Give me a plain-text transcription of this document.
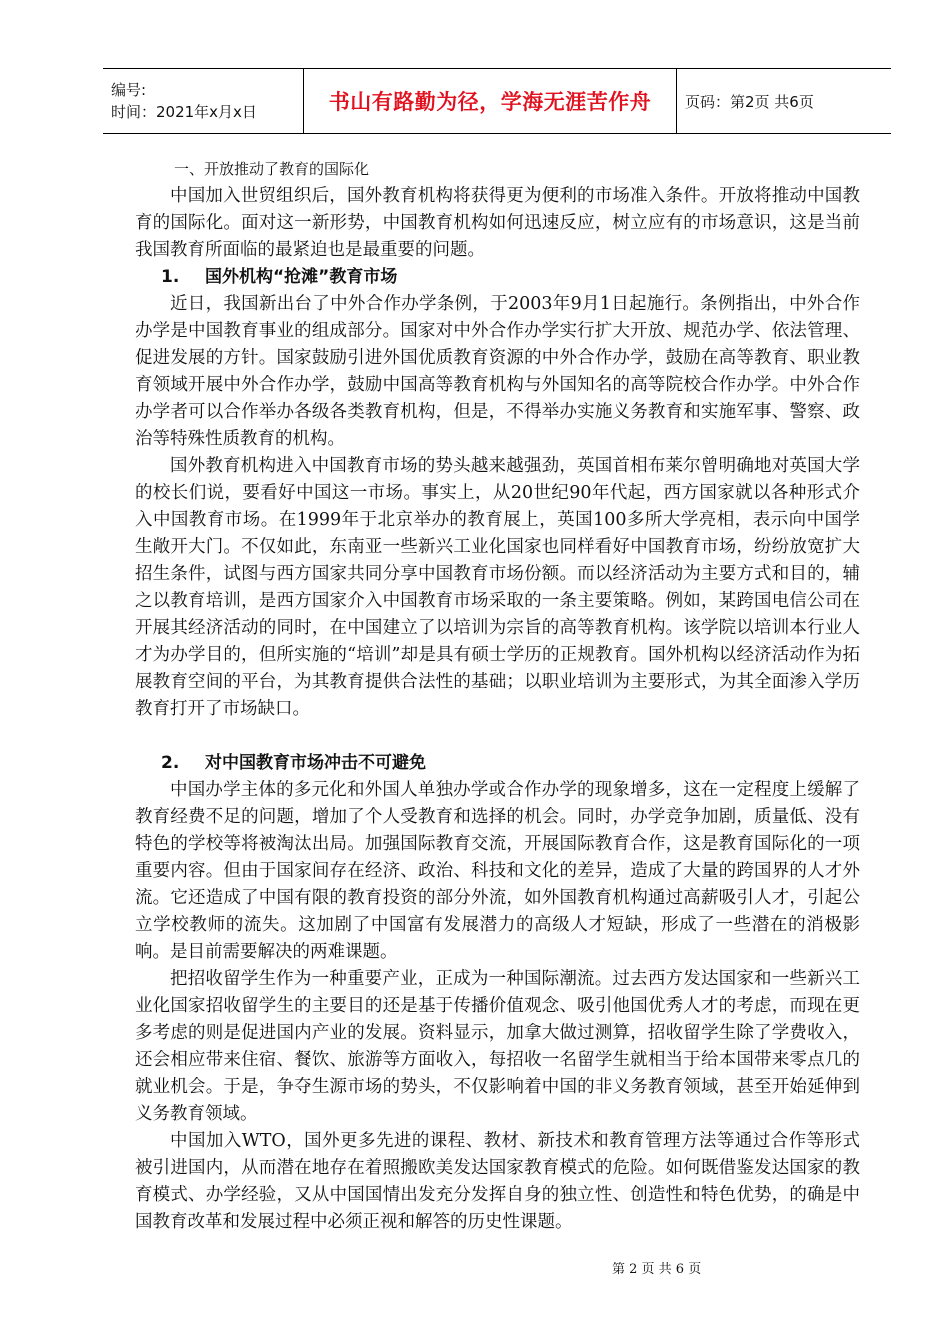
编号:
时间：2021年x月x日	书山有路勤为径，学海无涯苦作舟 页码：第2页 共6页

一、开放推动了教育的国际化

中国加入世贸组织后，国外教育机构将获得更为便利的市场准入条件。开放将推动中国教育的国际化。面对这一新形势，中国教育机构如何迅速反应，树立应有的市场意识，这是当前我国教育所面临的最紧迫也是最重要的问题。

1. 国外机构“抢滩”教育市场

近日，我国新出台了中外合作办学条例，于2003年9月1日起施行。条例指出，中外合作办学是中国教育事业的组成部分。国家对中外合作办学实行扩大开放、规范办学、依法管理、促进发展的方针。国家鼓励引进外国优质教育资源的中外合作办学，鼓励在高等教育、职业教育领域开展中外合作办学，鼓励中国高等教育机构与外国知名的高等院校合作办学。中外合作办学者可以合作举办各级各类教育机构，但是，不得举办实施义务教育和实施军事、警察、政治等特殊性质教育的机构。

国外教育机构进入中国教育市场的势头越来越强劲，英国首相布莱尔曾明确地对英国大学的校长们说，要看好中国这一市场。事实上，从20世纪90年代起，西方国家就以各种形式介入中国教育市场。在1999年于北京举办的教育展上，英国100多所大学亮相，表示向中国学生敞开大门。不仅如此，东南亚一些新兴工业化国家也同样看好中国教育市场，纷纷放宽扩大招生条件，试图与西方国家共同分享中国教育市场份额。而以经济活动为主要方式和目的，辅之以教育培训，是西方国家介入中国教育市场采取的一条主要策略。例如，某跨国电信公司在开展其经济活动的同时，在中国建立了以培训为宗旨的高等教育机构。该学院以培训本行业人才为办学目的，但所实施的“培训”却是具有硕士学历的正规教育。国外机构以经济活动作为拓展教育空间的平台，为其教育提供合法性的基础；以职业培训为主要形式，为其全面渗入学历教育打开了市场缺口。

2. 对中国教育市场冲击不可避免

中国办学主体的多元化和外国人单独办学或合作办学的现象增多，这在一定程度上缓解了教育经费不足的问题，增加了个人受教育和选择的机会。同时，办学竞争加剧，质量低、没有特色的学校等将被淘汰出局。加强国际教育交流，开展国际教育合作，这是教育国际化的一项重要内容。但由于国家间存在经济、政治、科技和文化的差异，造成了大量的跨国界的人才外流。它还造成了中国有限的教育投资的部分外流，如外国教育机构通过高薪吸引人才，引起公立学校教师的流失。这加剧了中国富有发展潜力的高级人才短缺，形成了一些潜在的消极影响。是目前需要解决的两难课题。

把招收留学生作为一种重要产业，正成为一种国际潮流。过去西方发达国家和一些新兴工业化国家招收留学生的主要目的还是基于传播价值观念、吸引他国优秀人才的考虑，而现在更多考虑的则是促进国内产业的发展。资料显示，加拿大做过测算，招收留学生除了学费收入，还会相应带来住宿、餐饮、旅游等方面收入，每招收一名留学生就相当于给本国带来零点几的就业机会。于是，争夺生源市场的势头，不仅影响着中国的非义务教育领域，甚至开始延伸到义务教育领域。

中国加入WTO，国外更多先进的课程、教材、新技术和教育管理方法等通过合作等形式被引进国内，从而潜在地存在着照搬欧美发达国家教育模式的危险。如何既借鉴发达国家的教育模式、办学经验，又从中国国情出发充分发挥自身的独立性、创造性和特色优势，的确是中国教育改革和发展过程中必须正视和解答的历史性课题。

第 2 页 共 6 页
